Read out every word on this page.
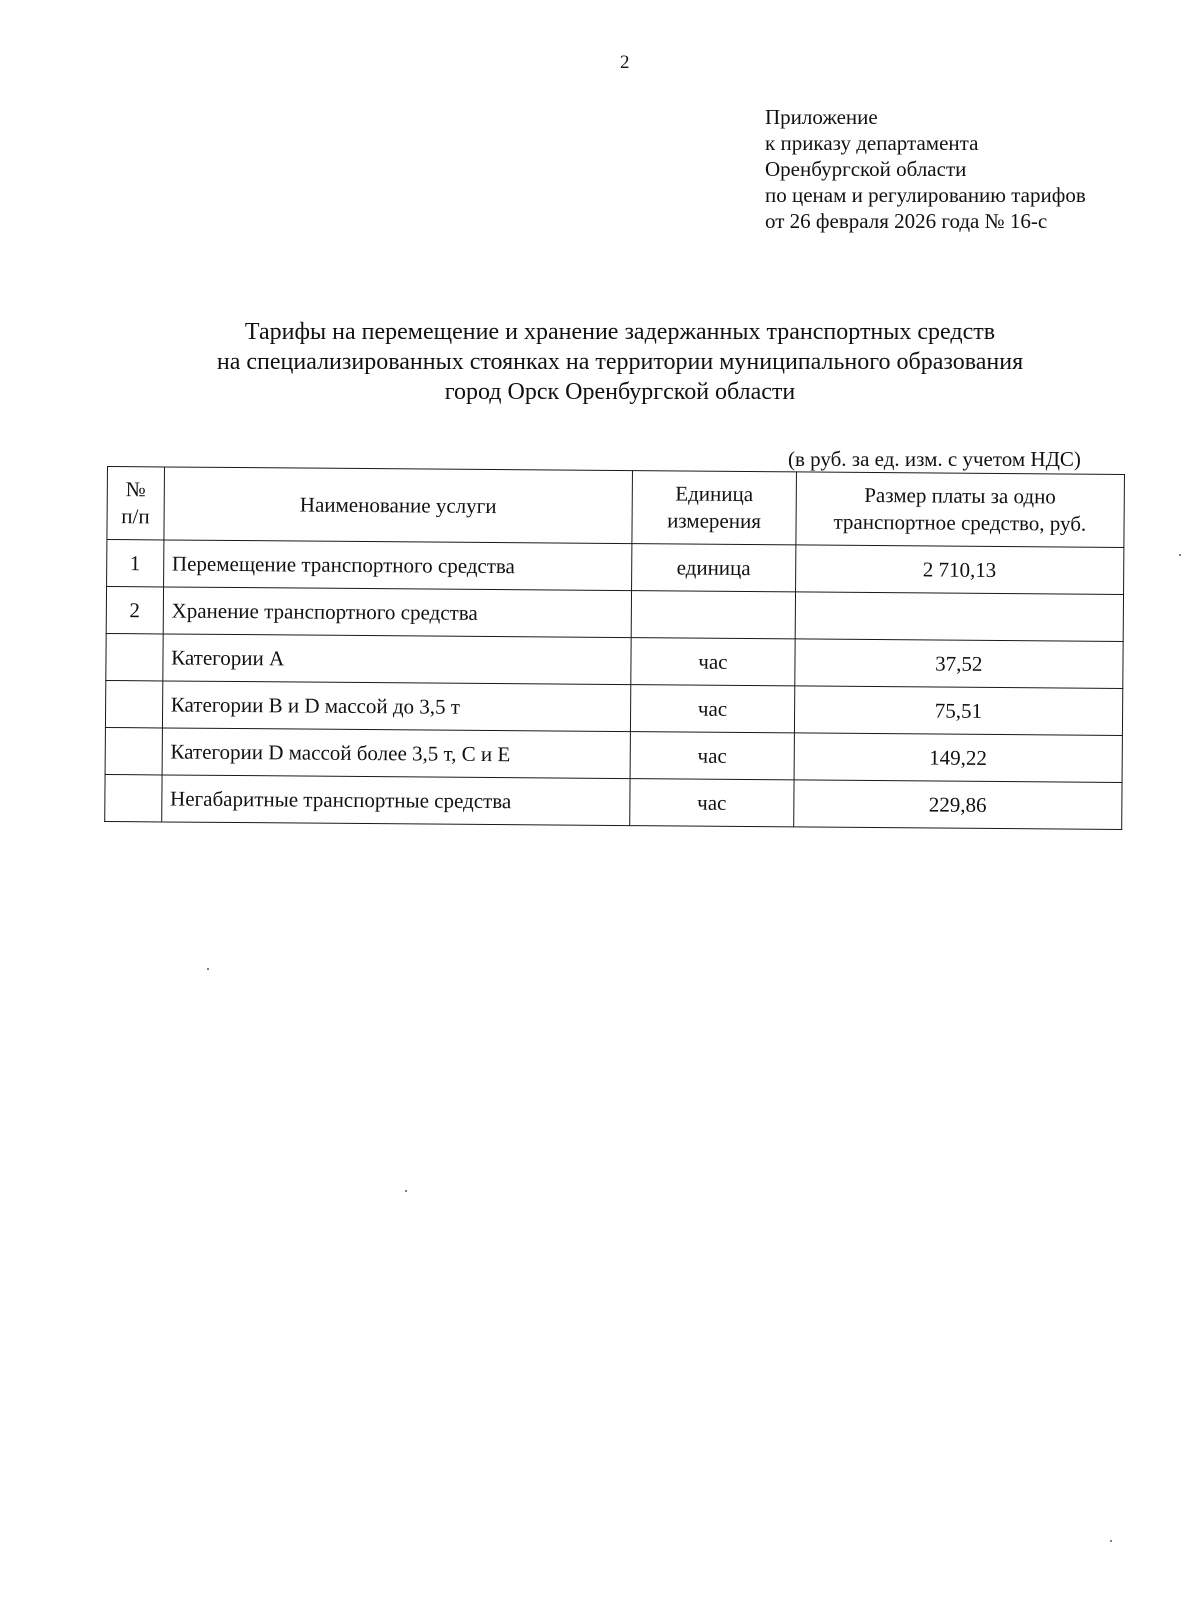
2
Приложение
к приказу департамента
Оренбургской области
по ценам и регулированию тарифов
от 26 февраля 2026 года № 16-с
Тарифы на перемещение и хранение задержанных транспортных средств
на специализированных стоянках на территории муниципального образования
город Орск Оренбургской области
(в руб. за ед. изм. с учетом НДС)
№ п/п	Наименование услуги	Единица измерения	Размер платы за одно транспортное средство, руб.
1	Перемещение транспортного средства	единица	2 710,13
2	Хранение транспортного средства		
	Категории А	час	37,52
	Категории В и D массой до 3,5 т	час	75,51
	Категории D массой более 3,5 т, С и Е	час	149,22
	Негабаритные транспортные средства	час	229,86
